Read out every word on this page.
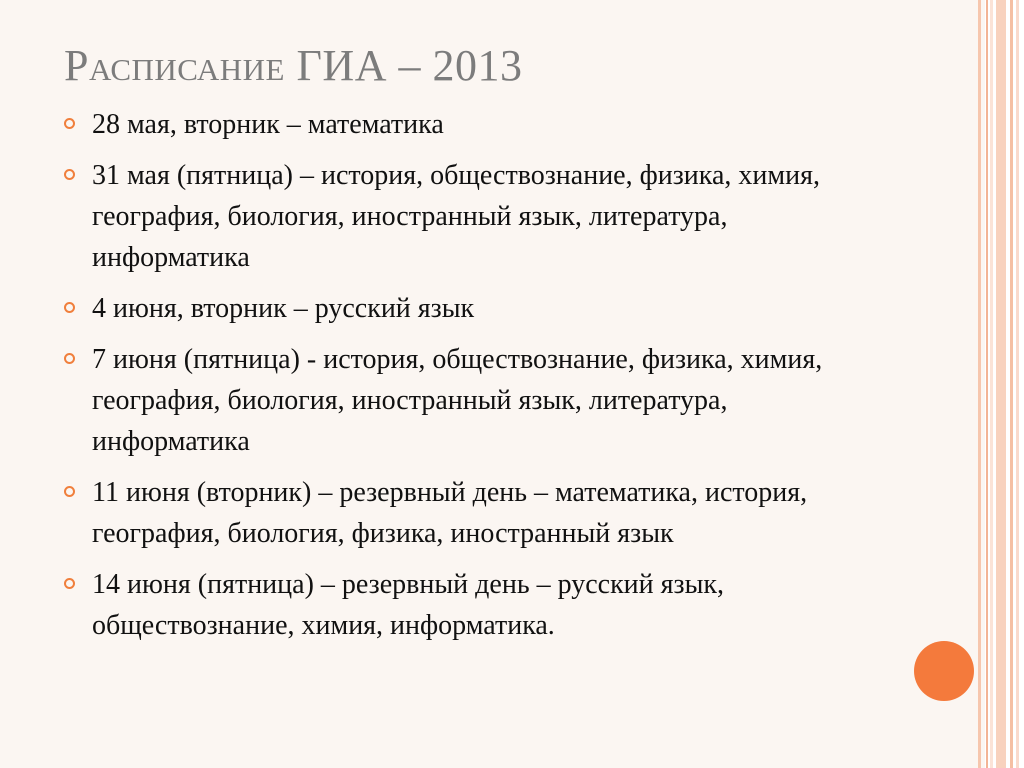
Расписание ГИА – 2013
28 мая, вторник – математика
31 мая (пятница) – история, обществознание, физика, химия, география, биология, иностранный язык, литература, информатика
4 июня, вторник – русский язык
7 июня (пятница) - история, обществознание, физика, химия, география, биология, иностранный язык, литература, информатика
11 июня (вторник) – резервный день – математика, история, география, биология, физика, иностранный язык
14 июня (пятница) – резервный день – русский язык, обществознание, химия, информатика.
